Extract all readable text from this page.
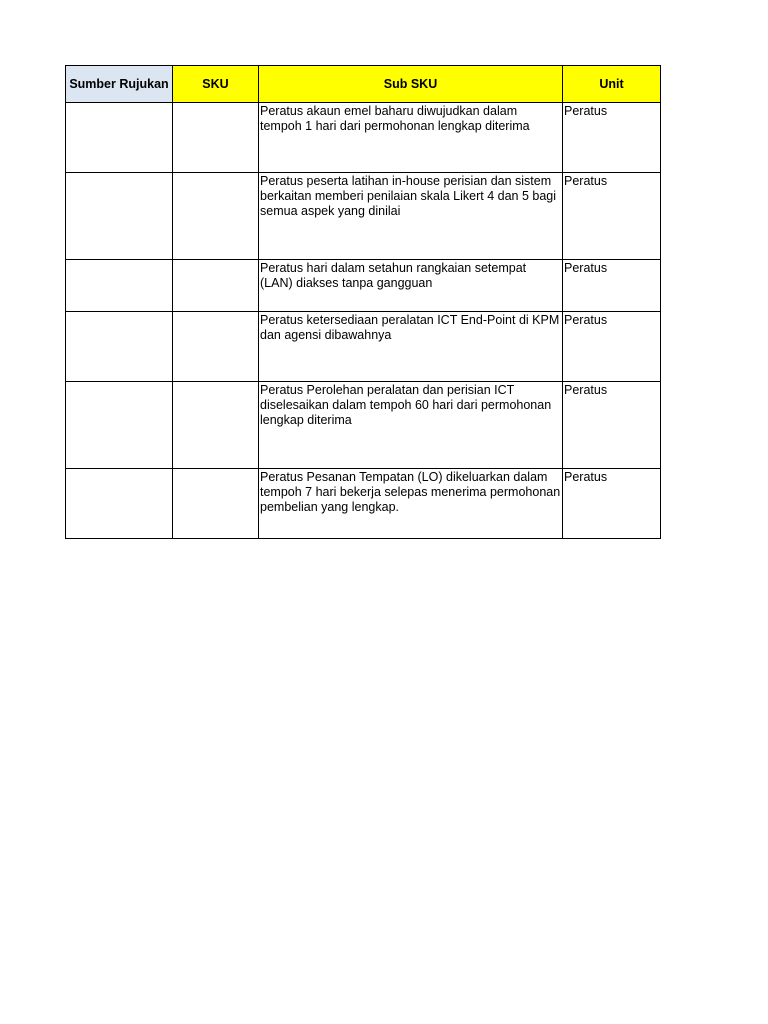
Sumber Rujukan	SKU	Sub SKU	Unit
		Peratus akaun emel baharu diwujudkan dalam tempoh 1 hari dari permohonan lengkap diterima	Peratus
		Peratus peserta latihan in-house perisian dan sistem berkaitan memberi penilaian skala Likert 4 dan 5 bagi semua aspek yang dinilai	Peratus
		Peratus hari dalam setahun rangkaian setempat (LAN) diakses tanpa gangguan	Peratus
		Peratus ketersediaan peralatan ICT End-Point di KPM dan agensi dibawahnya	Peratus
		Peratus Perolehan peralatan dan perisian ICT diselesaikan dalam tempoh 60 hari dari permohonan lengkap diterima	Peratus
		Peratus Pesanan Tempatan (LO) dikeluarkan dalam tempoh 7 hari bekerja selepas menerima permohonan pembelian yang lengkap.	Peratus
